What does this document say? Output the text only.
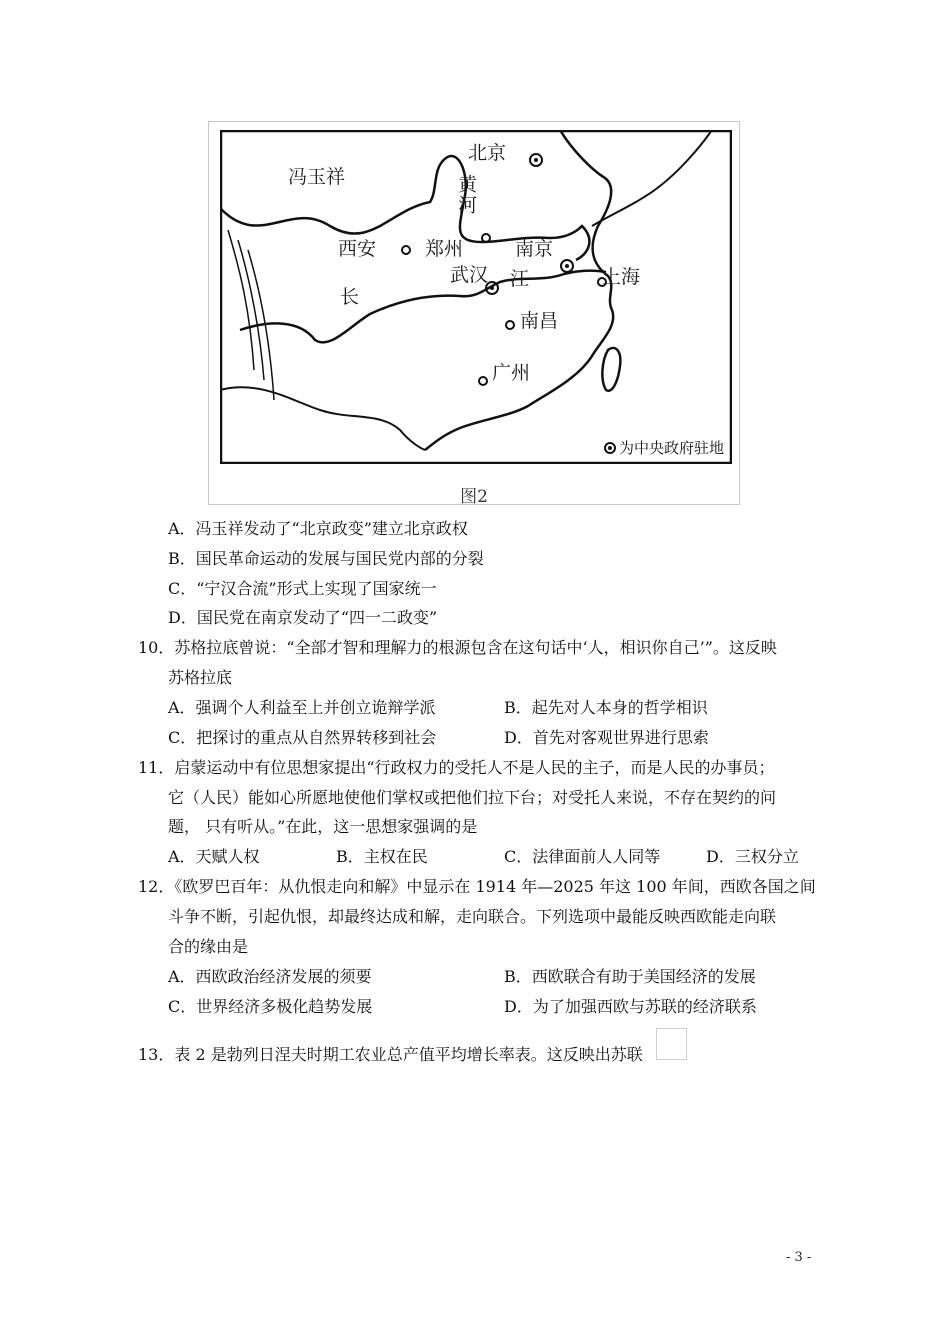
冯玉祥
北京
黄河
西安	郑州	南京
武汉 江	上海
长
南昌
广州
为中央政府驻地
图2
A．冯玉祥发动了“北京政变”建立北京政权
B．国民革命运动的发展与国民党内部的分裂
C．“宁汉合流”形式上实现了国家统一
D．国民党在南京发动了“四一二政变”
10．苏格拉底曾说：“全部才智和理解力的根源包含在这句话中‘人，相识你自己’”。这反映
苏格拉底
A．强调个人利益至上并创立诡辩学派	B．起先对人本身的哲学相识
C．把探讨的重点从自然界转移到社会	D．首先对客观世界进行思索
11．启蒙运动中有位思想家提出“行政权力的受托人不是人民的主子，而是人民的办事员；
它（人民）能如心所愿地使他们掌权或把他们拉下台；对受托人来说，不存在契约的问
题， 只有听从。”在此，这一思想家强调的是
A．天赋人权	B．主权在民	C．法律面前人人同等	D．三权分立
12．《欧罗巴百年：从仇恨走向和解》中显示在 1914 年—2025 年这 100 年间，西欧各国之间
斗争不断，引起仇恨，却最终达成和解，走向联合。下列选项中最能反映西欧能走向联
合的缘由是
A．西欧政治经济发展的须要	B．西欧联合有助于美国经济的发展
C．世界经济多极化趋势发展	D．为了加强西欧与苏联的经济联系
13．表 2 是勃列日涅夫时期工农业总产值平均增长率表。这反映出苏联
- 3 -
